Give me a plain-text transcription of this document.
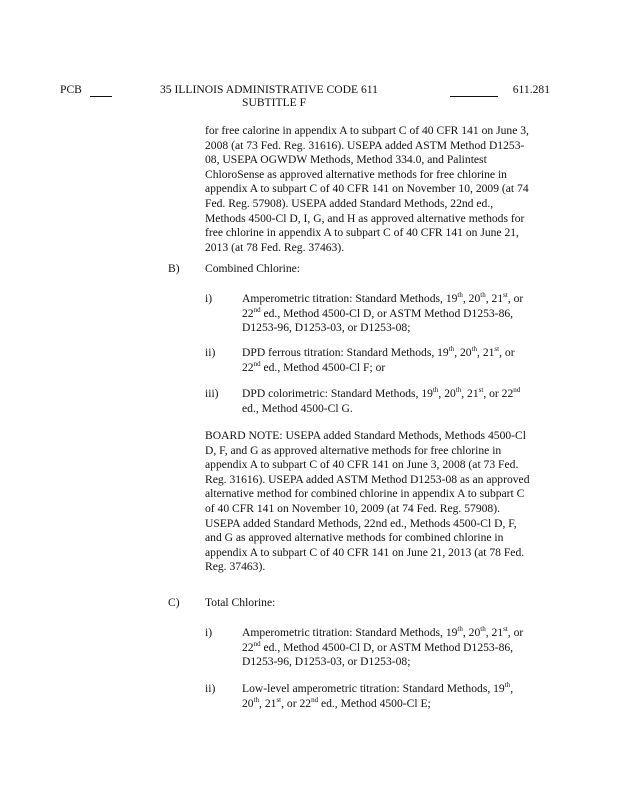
PCB	35 ILLINOIS ADMINISTRATIVE CODE 611
SUBTITLE F
611.281
for free calorine in appendix A to subpart C of 40 CFR 141 on June 3, 2008 (at 73 Fed. Reg. 31616). USEPA added ASTM Method D1253-08, USEPA OGWDW Methods, Method 334.0, and Palintest ChloroSense as approved alternative methods for free chlorine in appendix A to subpart C of 40 CFR 141 on November 10, 2009 (at 74 Fed. Reg. 57908). USEPA added Standard Methods, 22nd ed., Methods 4500-Cl D, I, G, and H as approved alternative methods for free chlorine in appendix A to subpart C of 40 CFR 141 on June 21, 2013 (at 78 Fed. Reg. 37463).
B) Combined Chlorine:
i)	Amperometric titration: Standard Methods, 19th, 20th, 21st, or 22nd ed., Method 4500-Cl D, or ASTM Method D1253-86, D1253-96, D1253-03, or D1253-08;
ii) DPD ferrous titration: Standard Methods, 19th, 20th, 21st, or 22nd ed., Method 4500-Cl F; or
iii) DPD colorimetric: Standard Methods, 19th, 20th, 21st, or 22nd ed., Method 4500-Cl G.
BOARD NOTE: USEPA added Standard Methods, Methods 4500-Cl D, F, and G as approved alternative methods for free chlorine in appendix A to subpart C of 40 CFR 141 on June 3, 2008 (at 73 Fed. Reg. 31616). USEPA added ASTM Method D1253-08 as an approved alternative method for combined chlorine in appendix A to subpart C of 40 CFR 141 on November 10, 2009 (at 74 Fed. Reg. 57908). USEPA added Standard Methods, 22nd ed., Methods 4500-Cl D, F, and G as approved alternative methods for combined chlorine in appendix A to subpart C of 40 CFR 141 on June 21, 2013 (at 78 Fed. Reg. 37463).
C) Total Chlorine:
i)	Amperometric titration: Standard Methods, 19th, 20th, 21st, or 22nd ed., Method 4500-Cl D, or ASTM Method D1253-86, D1253-96, D1253-03, or D1253-08;
ii) Low-level amperometric titration: Standard Methods, 19th, 20th, 21st, or 22nd ed., Method 4500-Cl E;
